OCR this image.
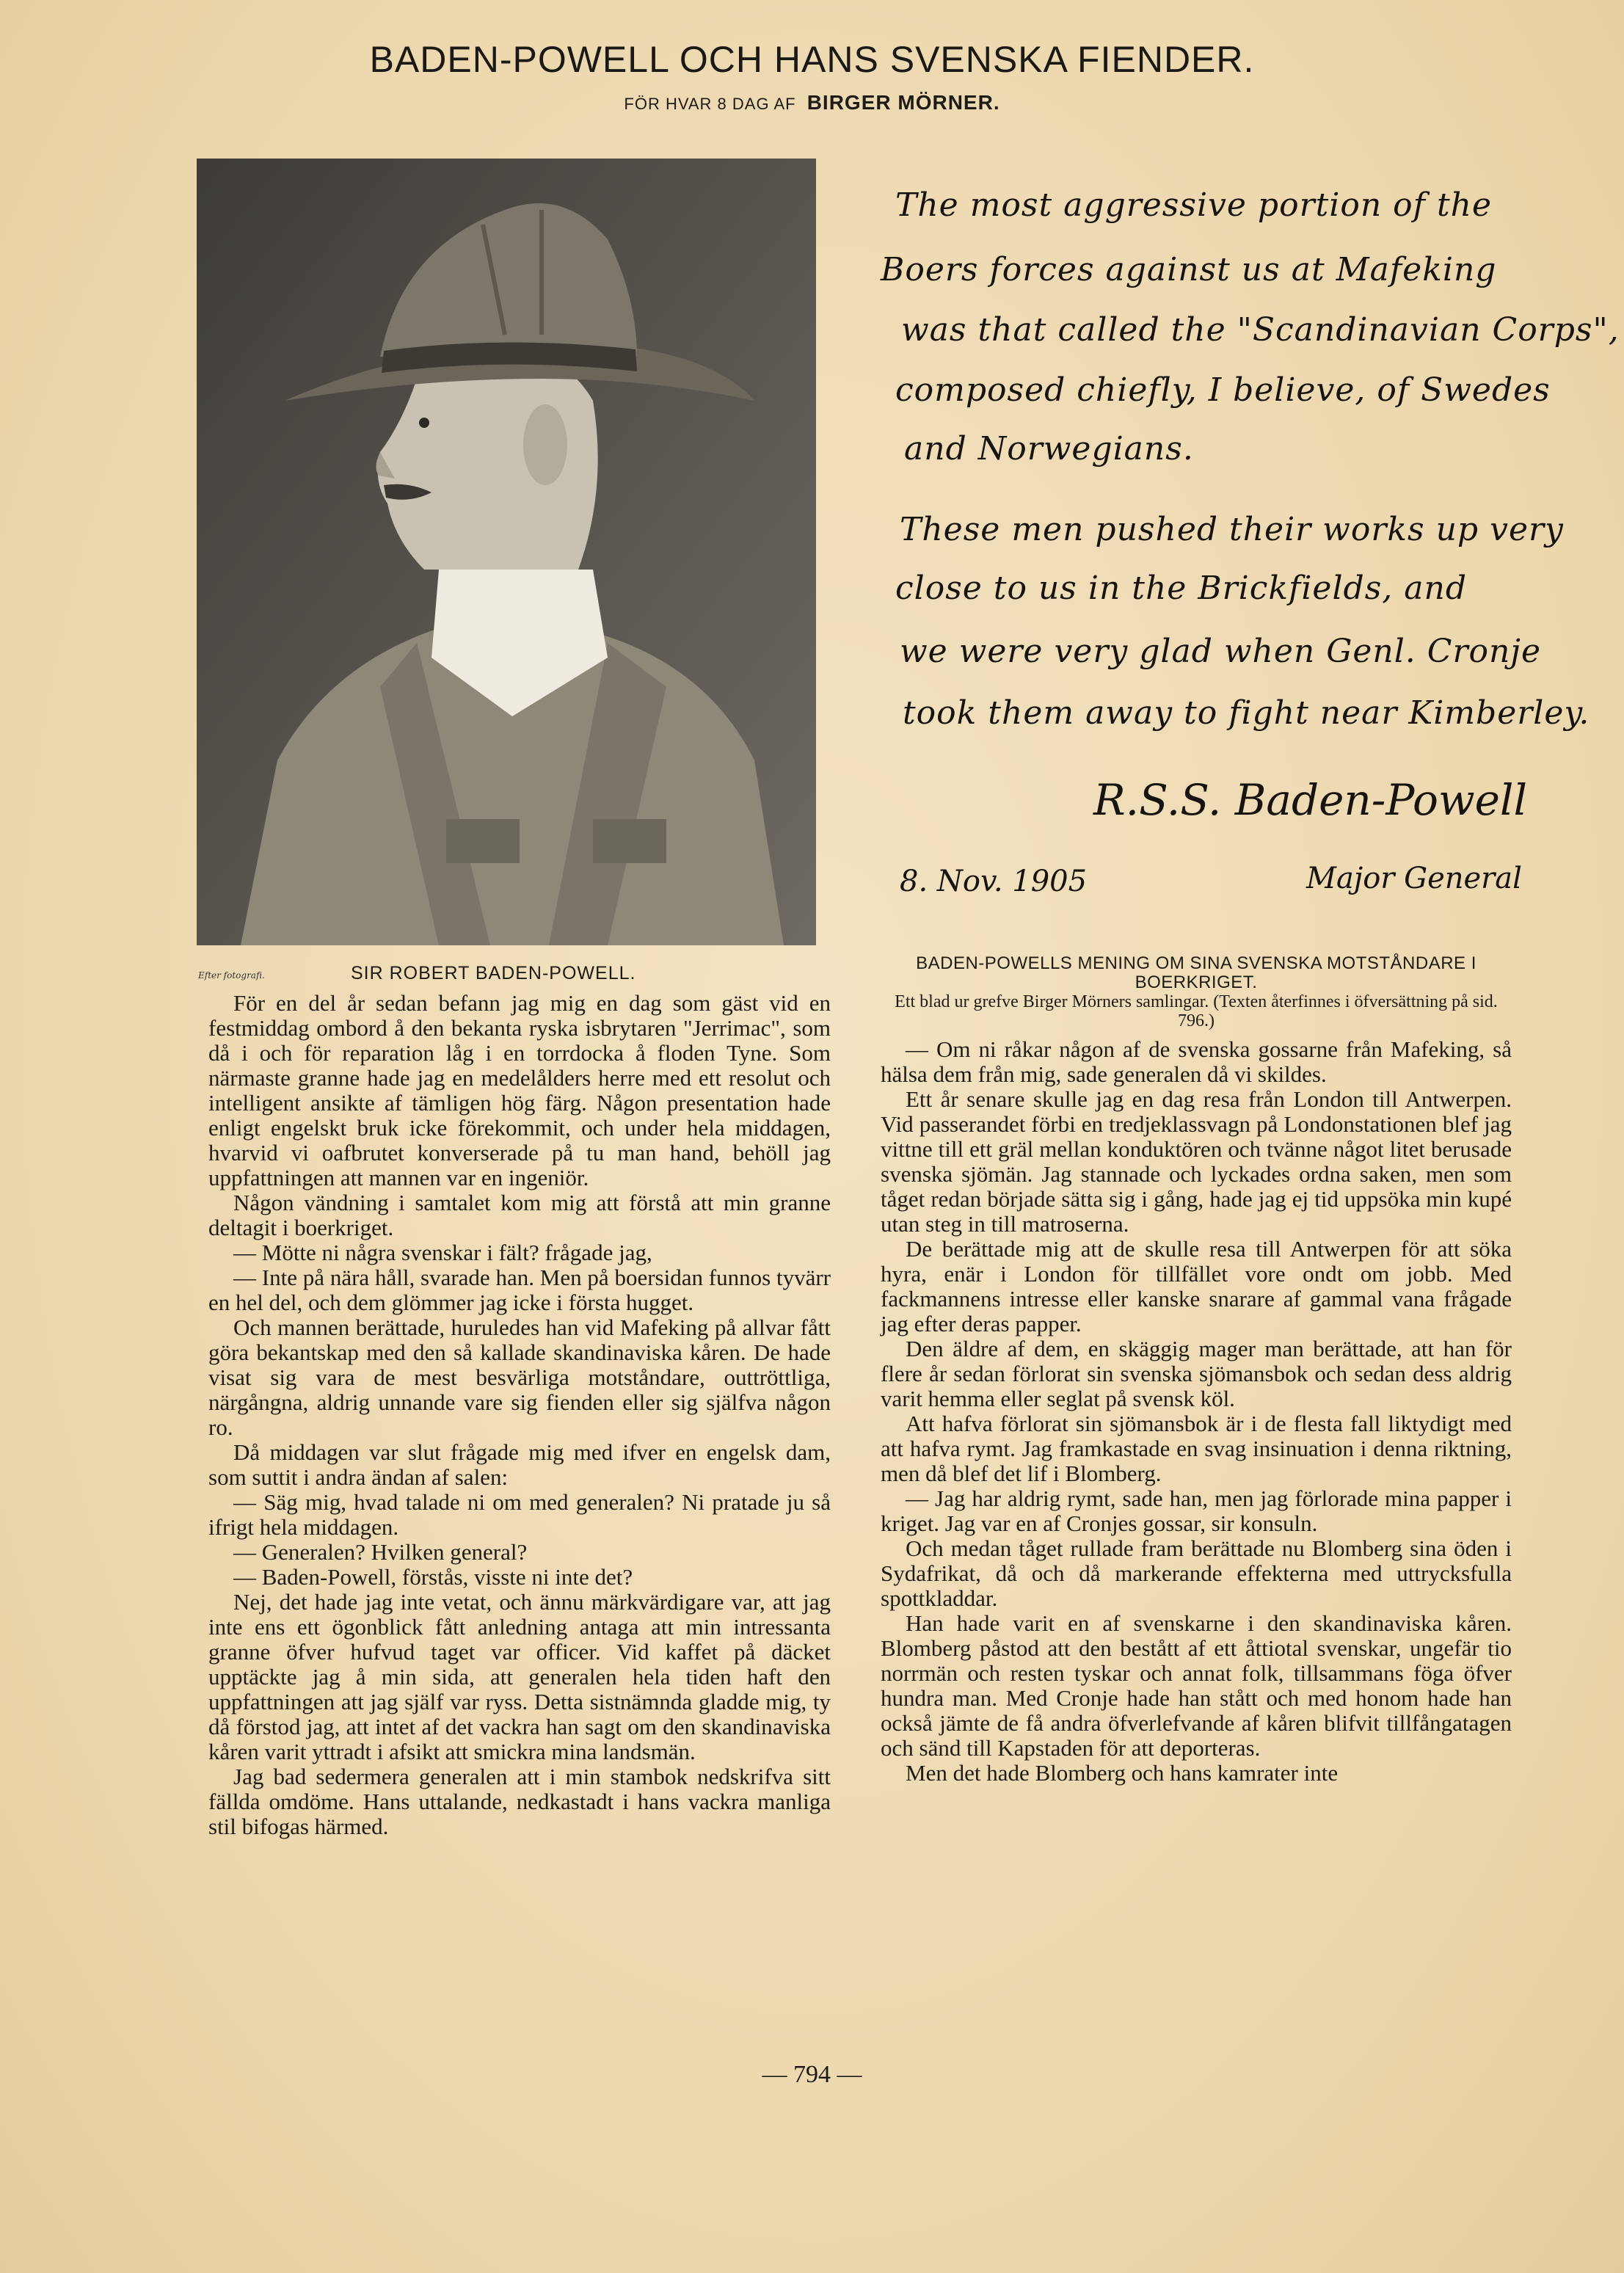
BADEN-POWELL OCH HANS SVENSKA FIENDER.
FÖR HVAR 8 DAG AF BIRGER MÖRNER.
Efter fotografi.	SIR ROBERT BADEN-POWELL.
The most aggressive portion of the
Boers forces against us at Mafeking
was that called the "Scandinavian Corps",
composed chiefly, I believe, of Swedes
and Norwegians.
These men pushed their works up very
close to us in the Brickfields, and
we were very glad when Genl. Cronje
took them away to fight near Kimberley.
R.S.S. Baden-Powell
8. Nov. 1905	Major General
BADEN-POWELLS MENING OM SINA SVENSKA MOTSTÅNDARE I BOERKRIGET.
Ett blad ur grefve Birger Mörners samlingar. (Texten återfinnes i öfversättning på sid. 796.)

För en del år sedan befann jag mig en dag som gäst vid en festmiddag ombord å den bekanta ryska isbrytaren "Jerrimac", som då i och för reparation låg i en torrdocka å floden Tyne. Som närmaste granne hade jag en medelålders herre med ett resolut och intelligent ansikte af tämligen hög färg. Någon presentation hade enligt engelskt bruk icke förekommit, och under hela middagen, hvarvid vi oafbrutet konverserade på tu man hand, behöll jag uppfattningen att mannen var en ingeniör.

Någon vändning i samtalet kom mig att förstå att min granne deltagit i boerkriget.

— Mötte ni några svenskar i fält? frågade jag,

— Inte på nära håll, svarade han. Men på boersidan funnos tyvärr en hel del, och dem glömmer jag icke i första hugget.

Och mannen berättade, huruledes han vid Mafeking på allvar fått göra bekantskap med den så kallade skandinaviska kåren. De hade visat sig vara de mest besvärliga motståndare, outtröttliga, närgångna, aldrig unnande vare sig fienden eller sig själfva någon ro.

Då middagen var slut frågade mig med ifver en engelsk dam, som suttit i andra ändan af salen:

— Säg mig, hvad talade ni om med generalen? Ni pratade ju så ifrigt hela middagen.

— Generalen? Hvilken general?

— Baden-Powell, förstås, visste ni inte det?

Nej, det hade jag inte vetat, och ännu märkvärdigare var, att jag inte ens ett ögonblick fått anledning antaga att min intressanta granne öfver hufvud taget var officer. Vid kaffet på däcket upptäckte jag å min sida, att generalen hela tiden haft den uppfattningen att jag själf var ryss. Detta sistnämnda gladde mig, ty då förstod jag, att intet af det vackra han sagt om den skandinaviska kåren varit yttradt i afsikt att smickra mina landsmän.

Jag bad sedermera generalen att i min stambok nedskrifva sitt fällda omdöme. Hans uttalande, nedkastadt i hans vackra manliga stil bifogas härmed.

— Om ni råkar någon af de svenska gossarne från Mafeking, så hälsa dem från mig, sade generalen då vi skildes.

Ett år senare skulle jag en dag resa från London till Antwerpen. Vid passerandet förbi en tredjeklassvagn på Londonstationen blef jag vittne till ett gräl mellan konduktören och tvänne något litet berusade svenska sjömän. Jag stannade och lyckades ordna saken, men som tåget redan började sätta sig i gång, hade jag ej tid uppsöka min kupé utan steg in till matroserna.

De berättade mig att de skulle resa till Antwerpen för att söka hyra, enär i London för tillfället vore ondt om jobb. Med fackmannens intresse eller kanske snarare af gammal vana frågade jag efter deras papper.

Den äldre af dem, en skäggig mager man berättade, att han för flere år sedan förlorat sin svenska sjömansbok och sedan dess aldrig varit hemma eller seglat på svensk köl.

Att hafva förlorat sin sjömansbok är i de flesta fall liktydigt med att hafva rymt. Jag framkastade en svag insinuation i denna riktning, men då blef det lif i Blomberg.

— Jag har aldrig rymt, sade han, men jag förlorade mina papper i kriget. Jag var en af Cronjes gossar, sir konsuln.

Och medan tåget rullade fram berättade nu Blomberg sina öden i Sydafrikat, då och då markerande effekterna med uttrycksfulla spottkladdar.

Han hade varit en af svenskarne i den skandinaviska kåren. Blomberg påstod att den bestått af ett åttiotal svenskar, ungefär tio norrmän och resten tyskar och annat folk, tillsammans föga öfver hundra man. Med Cronje hade han stått och med honom hade han också jämte de få andra öfverlefvande af kåren blifvit tillfångatagen och sänd till Kapstaden för att deporteras.

Men det hade Blomberg och hans kamrater inte

— 794 —
